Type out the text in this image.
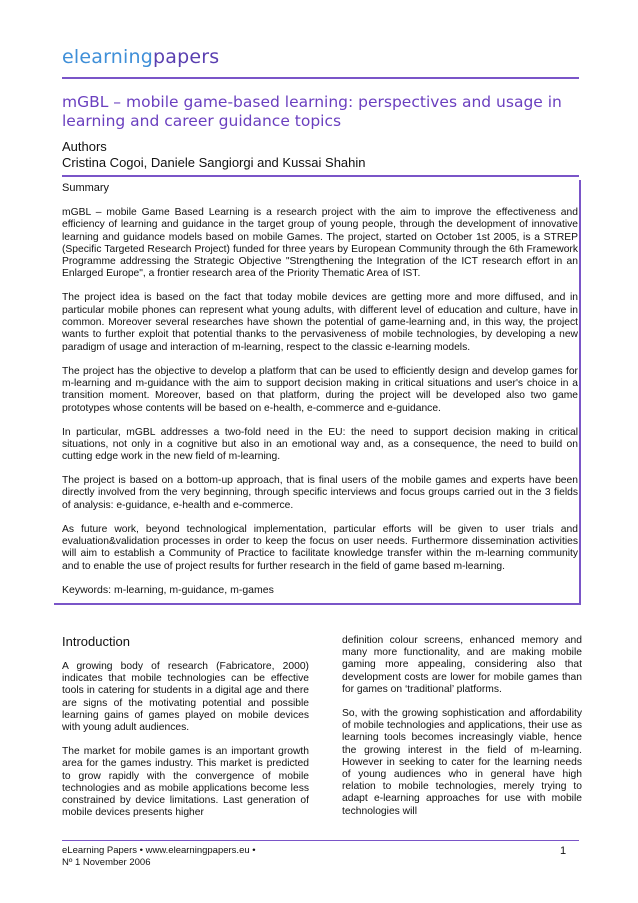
elearningpapers
mGBL – mobile game-based learning: perspectives and usage in learning and career guidance topics
Authors
Cristina Cogoi, Daniele Sangiorgi and Kussai Shahin
Summary

mGBL – mobile Game Based Learning is a research project with the aim to improve the effectiveness and efficiency of learning and guidance in the target group of young people, through the development of innovative learning and guidance models based on mobile Games. The project, started on October 1st 2005, is a STREP (Specific Targeted Research Project) funded for three years by European Community through the 6th Framework Programme addressing the Strategic Objective "Strengthening the Integration of the ICT research effort in an Enlarged Europe", a frontier research area of the Priority Thematic Area of IST.

The project idea is based on the fact that today mobile devices are getting more and more diffused, and in particular mobile phones can represent what young adults, with different level of education and culture, have in common. Moreover several researches have shown the potential of game-learning and, in this way, the project wants to further exploit that potential thanks to the pervasiveness of mobile technologies, by developing a new paradigm of usage and interaction of m-learning, respect to the classic e-learning models.

The project has the objective to develop a platform that can be used to efficiently design and develop games for m-learning and m-guidance with the aim to support decision making in critical situations and user's choice in a transition moment. Moreover, based on that platform, during the project will be developed also two game prototypes whose contents will be based on e-health, e-commerce and e-guidance.

In particular, mGBL addresses a two-fold need in the EU: the need to support decision making in critical situations, not only in a cognitive but also in an emotional way and, as a consequence, the need to build on cutting edge work in the new field of m-learning.

The project is based on a bottom-up approach, that is final users of the mobile games and experts have been directly involved from the very beginning, through specific interviews and focus groups carried out in the 3 fields of analysis: e-guidance, e-health and e-commerce.

As future work, beyond technological implementation, particular efforts will be given to user trials and evaluation&validation processes in order to keep the focus on user needs. Furthermore dissemination activities will aim to establish a Community of Practice to facilitate knowledge transfer within the m-learning community and to enable the use of project results for further research in the field of game based m-learning.

Keywords: m-learning, m-guidance, m-games
Introduction

A growing body of research (Fabricatore, 2000) indicates that mobile technologies can be effective tools in catering for students in a digital age and there are signs of the motivating potential and possible learning gains of games played on mobile devices with young adult audiences.

The market for mobile games is an important growth area for the games industry. This market is predicted to grow rapidly with the convergence of mobile technologies and as mobile applications become less constrained by device limitations. Last generation of mobile devices presents higher

definition colour screens, enhanced memory and many more functionality, and are making mobile gaming more appealing, considering also that development costs are lower for mobile games than for games on ‘traditional’ platforms.

So, with the growing sophistication and affordability of mobile technologies and applications, their use as learning tools becomes increasingly viable, hence the growing interest in the field of m-learning. However in seeking to cater for the learning needs of young audiences who in general have high relation to mobile technologies, merely trying to adapt e-learning approaches for use with mobile technologies will

eLearning Papers • www.elearningpapers.eu •
Nº 1 November 2006
1
